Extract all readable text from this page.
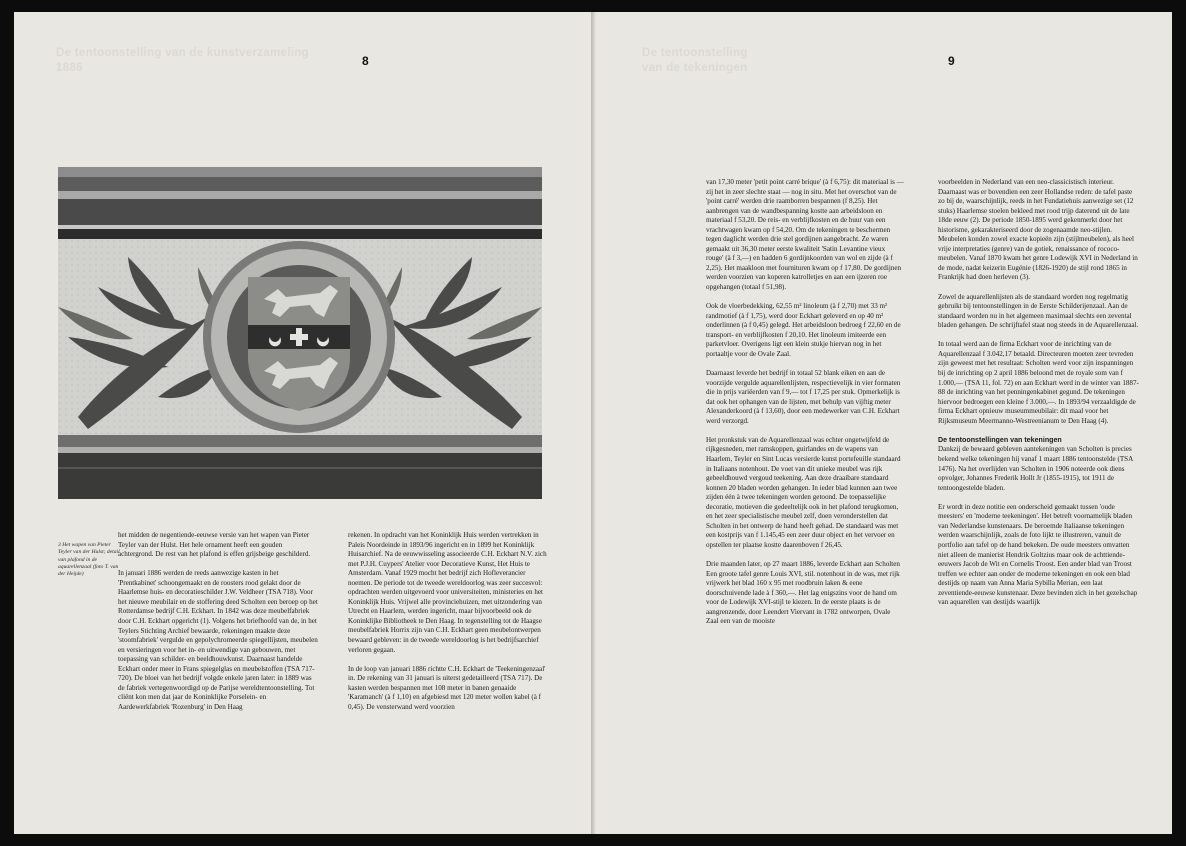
De tentoonstelling van de kunstverzameling
1886	8
3 Het wapen van Pieter Teyler van der Hulst; detail van plafond in de aquarellenzaal (foto T. van der Heijde)

het midden de negentiende-eeuwse versie van het wapen van Pieter Teyler van der Hulst. Het hele ornament heeft een gouden achtergrond. De rest van het plafond is effen grijsbeige geschilderd.

In januari 1886 werden de reeds aanwezige kasten in het 'Prentkabinet' schoongemaakt en de roosters rood gelakt door de Haarlemse huis- en decoratieschilder J.W. Veldheer (TSA 718). Voor het nieuwe meubilair en de stoffering deed Scholten een beroep op het Rotterdamse bedrijf C.H. Eckhart. In 1842 was deze meubelfabriek door C.H. Eckhart opgericht (1). Volgens het briefhoofd van de, in het Teylers Stichting Archief bewaarde, rekeningen maakte deze 'stoomfabriek' vergulde en gepolychromeerde spiegellijsten, meubelen en versieringen voor het in- en uitwendige van gebouwen, met toepassing van schilder- en beeldhouwkunst. Daarnaast handelde Eckhart onder meer in Frans spiegelglas en meubelstoffen (TSA 717-720). De bloei van het bedrijf volgde enkele jaren later: in 1889 was de fabriek vertegenwoordigd op de Parijse wereldtentoonstelling. Tot cliënt kon men dat jaar de Koninklijke Porselein- en Aardewerkfabriek 'Rozenburg' in Den Haag

rekenen. In opdracht van het Koninklijk Huis werden vertrekken in Paleis Noordeinde in 1893/96 ingericht en in 1899 het Koninklijk Huisarchief. Na de eeuwwisseling associeerde C.H. Eckhart N.V. zich met P.J.H. Cuypers' Atelier voor Decoratieve Kunst, Het Huis te Amsterdam. Vanaf 1929 mocht het bedrijf zich Hofleverancier noemen. De periode tot de tweede wereldoorlog was zeer succesvol: opdrachten werden uitgevoerd voor universiteiten, ministeries en het Koninklijk Huis. Vrijwel alle provinciehuizen, met uitzondering van Utrecht en Haarlem, werden ingericht, maar bijvoorbeeld ook de Koninklijke Bibliotheek te Den Haag. In tegenstelling tot de Haagse meubelfabriek Horrix zijn van C.H. Eckhart geen meubelontwerpen bewaard gebleven: in de tweede wereldoorlog is het bedrijfsarchief verloren gegaan.

In de loop van januari 1886 richtte C.H. Eckhart de 'Teekeningenzaal' in. De rekening van 31 januari is uiterst gedetailleerd (TSA 717). De kasten werden bespannen met 108 meter in banen genaaide 'Karamanch' (à f 1,10) en afgebiesd met 120 meter wollen kabel (à f 0,45). De vensterwand werd voorzien

De tentoonstelling
van de tekeningen	9

van 17,30 meter 'petit point carré brique' (à f 6,75): dit materiaal is — zij het in zeer slechte staat — nog in situ. Met het overschot van de 'point carré' werden drie raamborren bespannen (f 8,25). Het aanbrengen van de wandbespanning kostte aan arbeidsloon en materiaal f 53,20. De reis- en verblijfkosten en de huur van een vrachtwagen kwam op f 54,20. Om de tekeningen te beschermen tegen daglicht werden drie stel gordijnen aangebracht. Ze waren gemaakt uit 36,30 meter eerste kwaliteit 'Satin Levantine vieux rouge' (à f 3,—) en hadden 6 gordijnkoorden van wol en zijde (à f 2,25). Het maakloon met fournituren kwam op f 17,80. De gordijnen werden voorzien van koperen katrolletjes en aan een ijzeren roe opgehangen (totaal f 51,98).

Ook de vloerbedekking, 62,55 m² linoleum (à f 2,70) met 33 m² randmotief (à f 1,75), werd door Eckhart geleverd en op 40 m² onderlinnen (à f 0,45) gelegd. Het arbeidsloon bedroeg f 22,60 en de transport- en verblijfkosten f 20,10. Het linoleum imiteerde een parketvloer. Overigens ligt een klein stukje hiervan nog in het portaaltje voor de Ovale Zaal.

Daarnaast leverde het bedrijf in totaal 52 blank eiken en aan de voorzijde vergulde aquarellenlijsten, respectievelijk in vier formaten die in prijs variëerden van f 9,— tot f 17,25 per stuk. Opmerkelijk is dat ook het ophangen van de lijsten, met behulp van vijftig meter Alexanderkoord (à f 13,60), door een medewerker van C.H. Eckhart werd verzorgd.

Het pronkstuk van de Aquarellenzaal was echter ongetwijfeld de rijkgesneden, met ramskoppen, guirlandes en de wapens van Haarlem, Teyler en Sint Lucas versierde kunst portefeuille standaard in Italiaans notenhout. De voet van dit unieke meubel was rijk gebeeldhouwd vergoud teekening. Aan deze draaibare standaard konnen 20 bladen worden gehangen. In ieder blad kunnen aan twee zijden één à twee tekeningen worden getoond. De toepasselijke decoratie, motieven die gedeeltelijk ook in het plafond terugkomen, en het zeer specialistische meubel zelf, doen veronderstellen dat Scholten in het ontwerp de hand heeft gehad. De standaard was met een kostprijs van f 1.145,45 een zeer duur object en het vervoer en opstellen ter plaatse kostte daarenboven f 26,45.

Drie maanden later, op 27 maart 1886, leverde Eckhart aan Scholten Een groote tafel genre Louis XVI, stil. notenhout in de was, met rijk vrijwerk het blad 160 x 95 met roodbruin laken & eene doorschuivende lade à f 360,—. Het lag enigszins voor de hand om voor de Lodewijk XVI-stijl te kiezen. In de eerste plaats is de aangrenzende, door Leendert Viervant in 1782 ontworpen, Ovale Zaal een van de mooiste

voorbeelden in Nederland van een neo-classicistisch interieur. Daarnaast was er bovendien een zeer Hollandse reden: de tafel paste zo bij de, waarschijnlijk, reeds in het Fundatiehuis aanwezige set (12 stuks) Haarlemse stoelen bekleed met rood trijp daterend uit de late 18de eeuw (2). De periode 1850-1895 werd gekenmerkt door het historisme, gekarakteriseerd door de zogenaamde neo-stijlen. Meubelen konden zowel exacte kopieën zijn (stijlmeubelen), als heel vrije interpretaties (genre) van de gotiek, renaissance of rococo-meubelen. Vanaf 1870 kwam het genre Lodewijk XVI in Nederland in de mode, nadat keizerin Eugénie (1826-1920) de stijl rond 1865 in Frankrijk had doen herleven (3).

Zowel de aquarellenlijsten als de standaard worden nog regelmatig gebruikt bij tentoonstellingen in de Eerste Schilderijenzaal. Aan de standaard worden nu in het algemeen maximaal slechts een zevental bladen gehangen. De schrijftafel staat nog steeds in de Aquarellenzaal.

In totaal werd aan de firma Eckhart voor de inrichting van de Aquarellenzaal f 3.042,17 betaald. Directeuren moeten zeer tevreden zijn geweest met het resultaat: Scholten werd voor zijn inspanningen bij de inrichting op 2 april 1886 beloond met de royale som van f 1.000,— (TSA 11, fol. 72) en aan Eckhart werd in de winter van 1887-88 de inrichting van het penningenkabinet gegund. De tekeningen hiervoor bedroegen een kleine f 3.000,—. In 1893/94 verzaaldigde de firma Eckhart opnieuw museummeubilair: dit maal voor het Rijksmuseum Meermanno-Westreenianum te Den Haag (4).

De tentoonstellingen van tekeningen

Dankzij de bewaard gebleven aantekeningen van Scholten is precies bekend welke tekeningen hij vanaf 1 maart 1886 tentoonstelde (TSA 1476). Na het overlijden van Scholten in 1906 noteerde ook diens opvolger, Johannes Frederik Hollt Jr (1855-1915), tot 1911 de tentoongestelde bladen.

Er wordt in deze notitie een onderscheid gemaakt tussen 'oude meesters' en 'moderne teekeningen'. Het betreft voornamelijk bladen van Nederlandse kunstenaars. De beroemde Italiaanse tekeningen werden waarschijnlijk, zoals de foto lijkt te illustreren, vanuit de portfolio aan tafel op de hand bekeken. De oude meesters omvatten niet alleen de manierist Hendrik Goltzius maar ook de achttiende-eeuwers Jacob de Wit en Cornelis Troost. Een ander blad van Troost treffen we echter aan onder de moderne tekeningen en ook een blad destijds op naam van Anna Maria Sybilla Merian, een laat zeventiende-eeuwse kunstenaar. Deze bevinden zich in het gezelschap van aquarellen van destijds waarlijk
